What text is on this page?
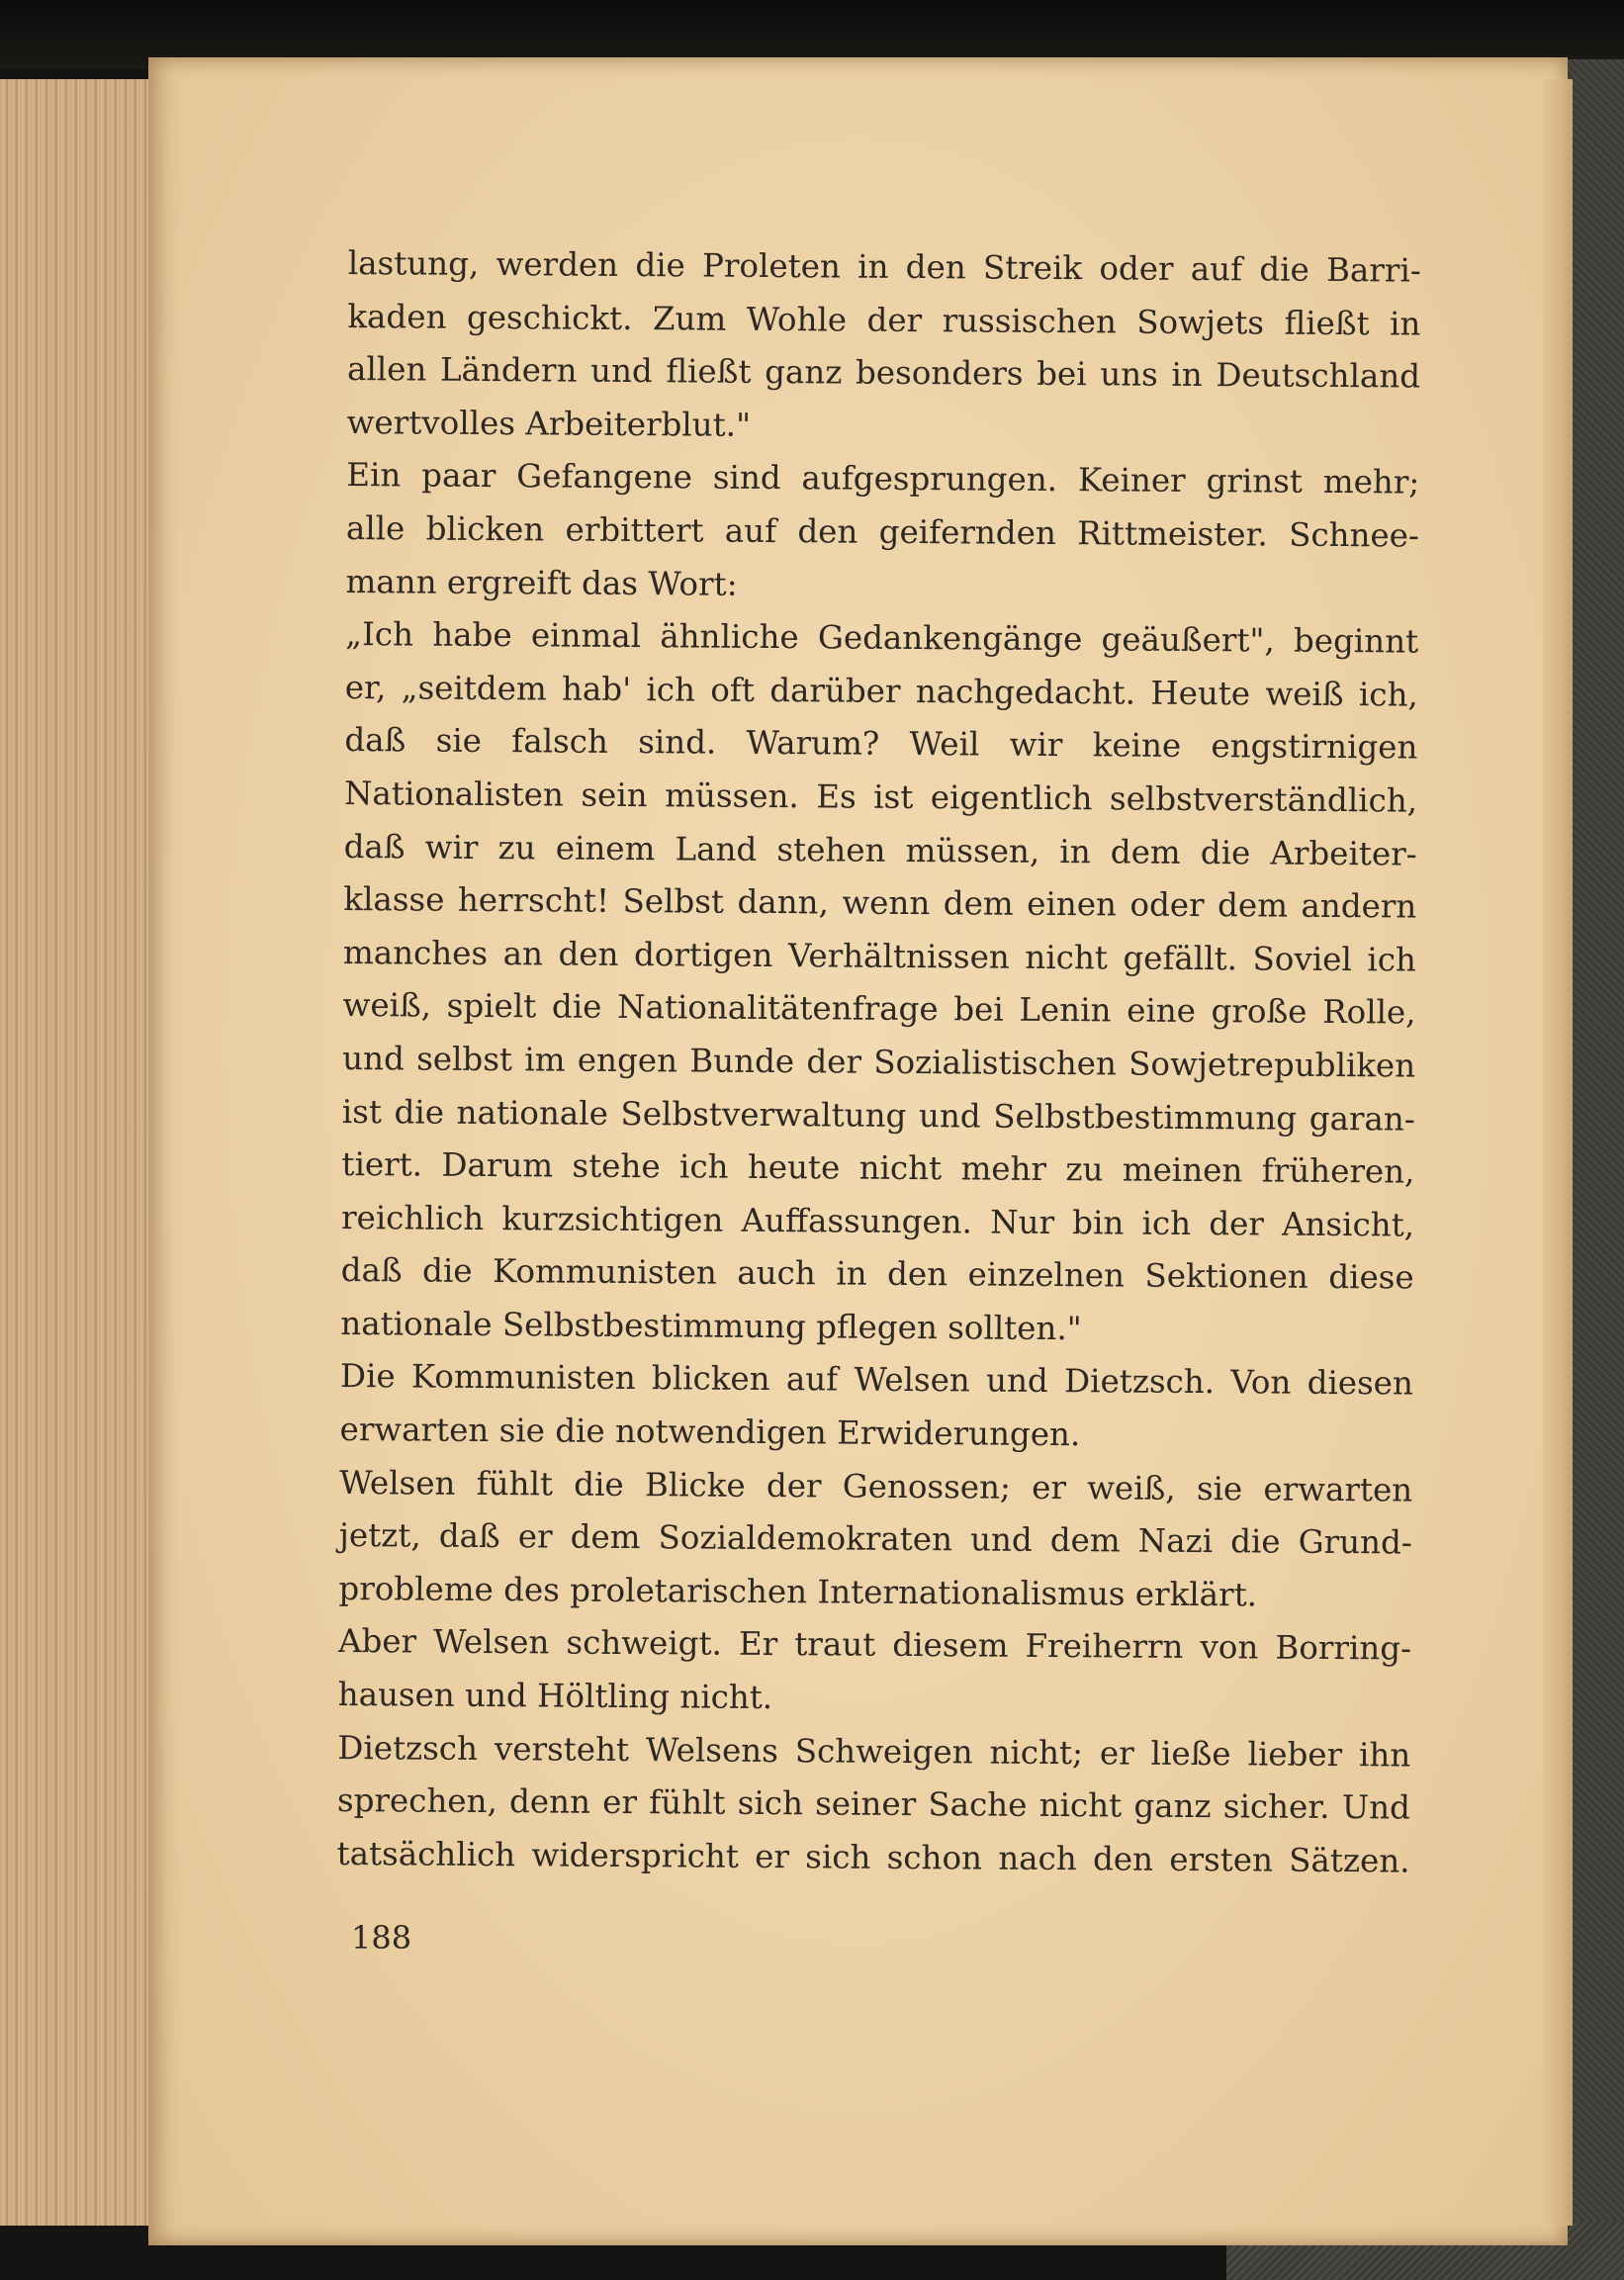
lastung, werden die Proleten in den Streik oder auf die Barri-
kaden geschickt. Zum Wohle der russischen Sowjets fließt in
allen Ländern und fließt ganz besonders bei uns in Deutschland
wertvolles Arbeiterblut."
Ein paar Gefangene sind aufgesprungen. Keiner grinst mehr;
alle blicken erbittert auf den geifernden Rittmeister. Schnee-
mann ergreift das Wort:
„Ich habe einmal ähnliche Gedankengänge geäußert", beginnt
er, „seitdem hab' ich oft darüber nachgedacht. Heute weiß ich,
daß sie falsch sind. Warum? Weil wir keine engstirnigen
Nationalisten sein müssen. Es ist eigentlich selbstverständlich,
daß wir zu einem Land stehen müssen, in dem die Arbeiter-
klasse herrscht! Selbst dann, wenn dem einen oder dem andern
manches an den dortigen Verhältnissen nicht gefällt. Soviel ich
weiß, spielt die Nationalitätenfrage bei Lenin eine große Rolle,
und selbst im engen Bunde der Sozialistischen Sowjetrepubliken
ist die nationale Selbstverwaltung und Selbstbestimmung garan-
tiert. Darum stehe ich heute nicht mehr zu meinen früheren,
reichlich kurzsichtigen Auffassungen. Nur bin ich der Ansicht,
daß die Kommunisten auch in den einzelnen Sektionen diese
nationale Selbstbestimmung pflegen sollten."
Die Kommunisten blicken auf Welsen und Dietzsch. Von diesen
erwarten sie die notwendigen Erwiderungen.
Welsen fühlt die Blicke der Genossen; er weiß, sie erwarten
jetzt, daß er dem Sozialdemokraten und dem Nazi die Grund-
probleme des proletarischen Internationalismus erklärt.
Aber Welsen schweigt. Er traut diesem Freiherrn von Borring-
hausen und Höltling nicht.
Dietzsch versteht Welsens Schweigen nicht; er ließe lieber ihn
sprechen, denn er fühlt sich seiner Sache nicht ganz sicher. Und
tatsächlich widerspricht er sich schon nach den ersten Sätzen.
188
